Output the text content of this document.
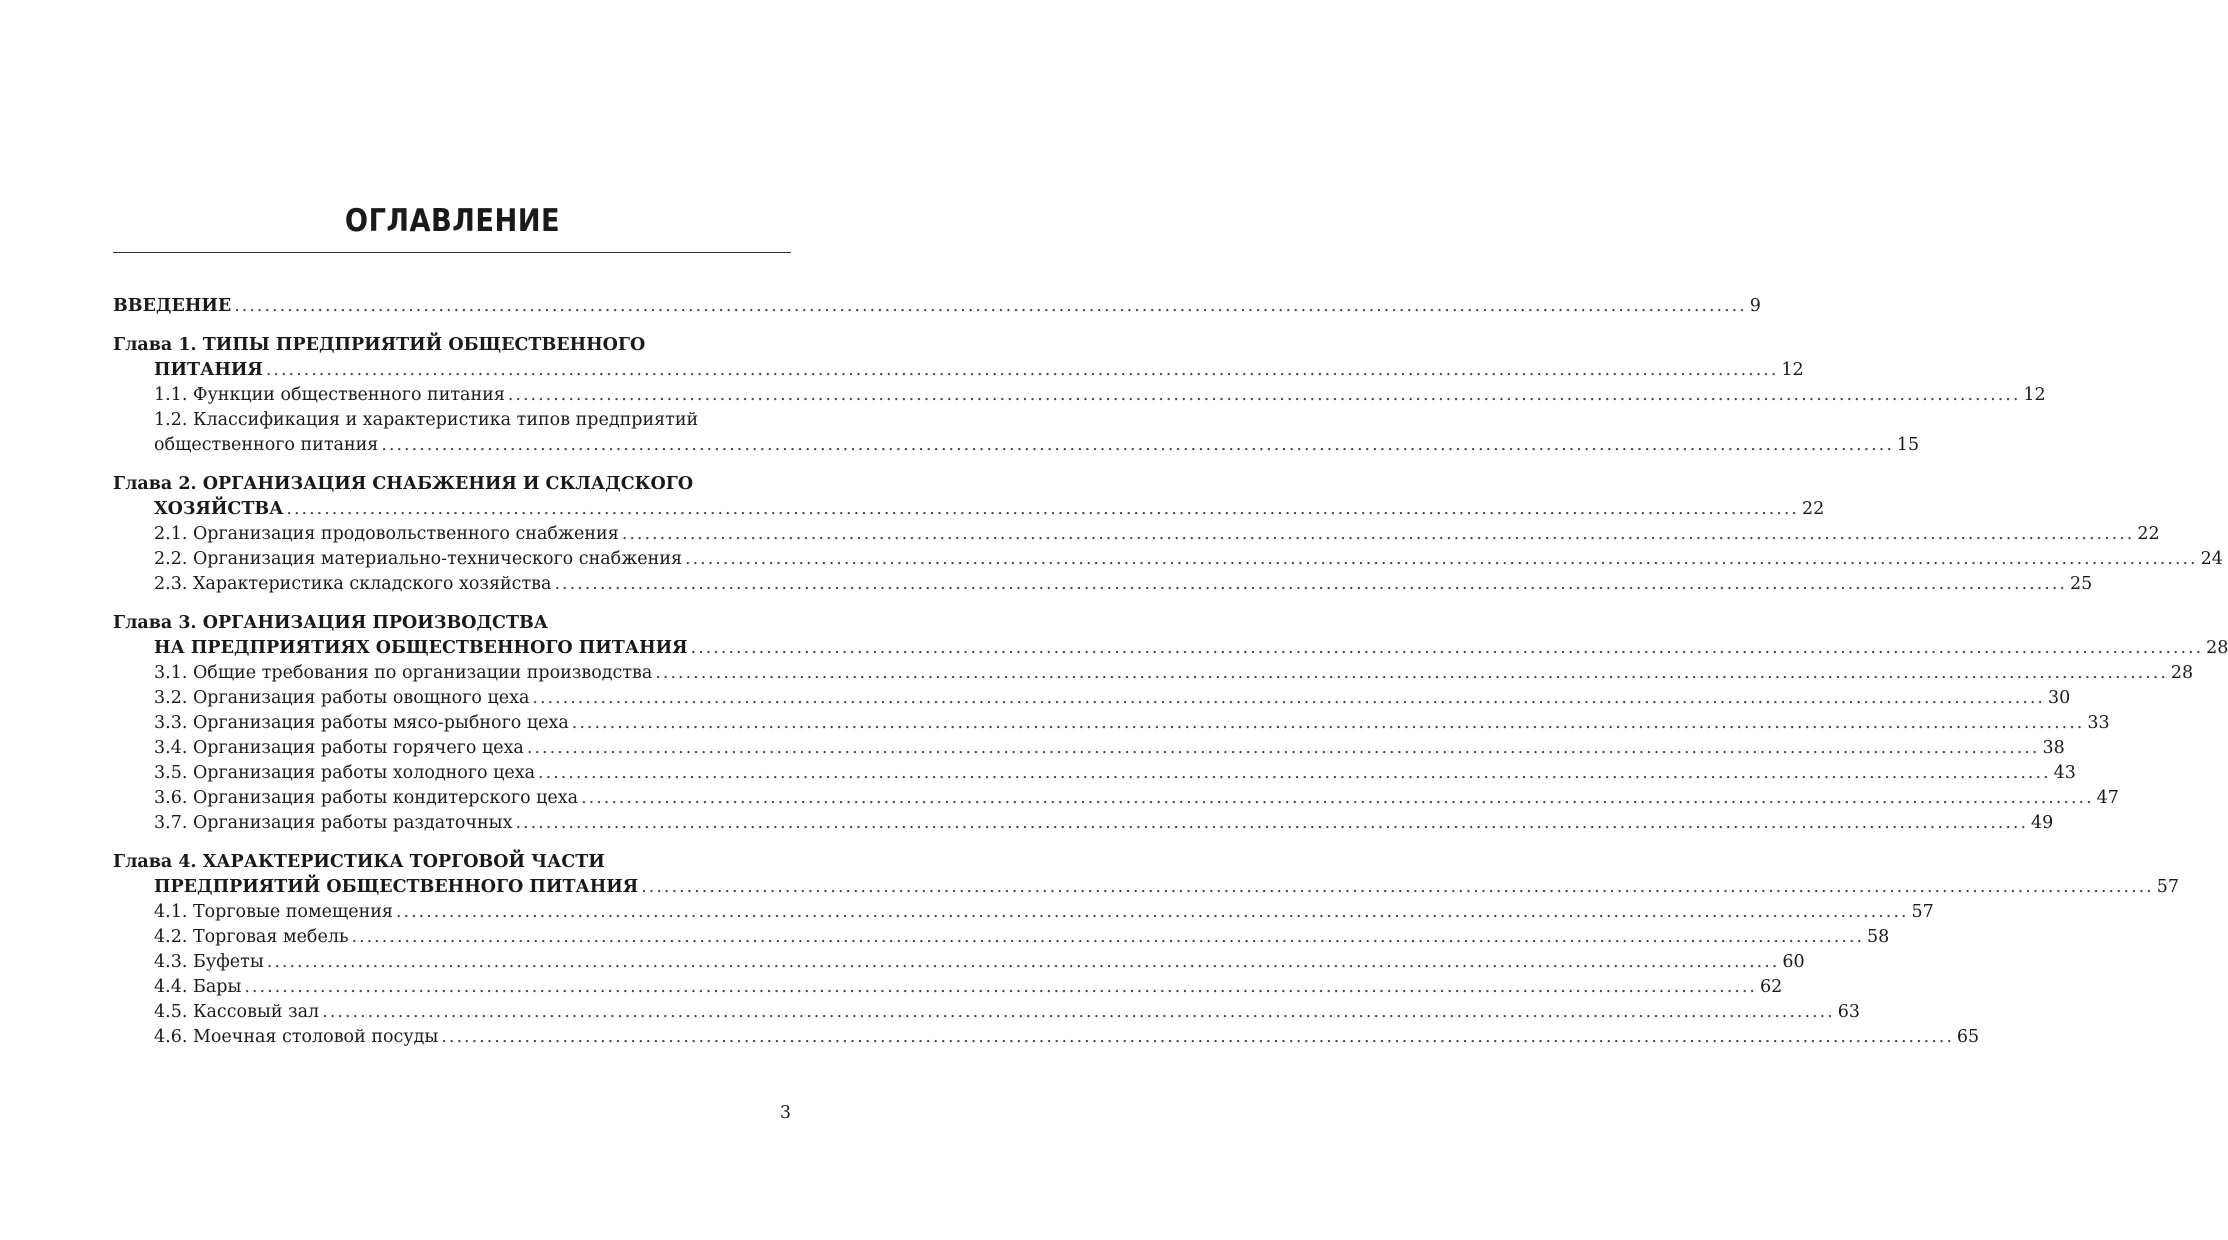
ОГЛАВЛЕНИЕ
ВВЕДЕНИЕ ........................................................................................................................................................................................................ 9
Глава 1. ТИПЫ ПРЕДПРИЯТИЙ ОБЩЕСТВЕННОГО
ПИТАНИЯ ........................................................................................................................................................................................................ 12
1.1. Функции общественного питания ........................................................................................................................................................................................................ 12
1.2. Классификация и характеристика типов предприятий
общественного питания ........................................................................................................................................................................................................ 15
Глава 2. ОРГАНИЗАЦИЯ СНАБЖЕНИЯ И СКЛАДСКОГО
ХОЗЯЙСТВА ........................................................................................................................................................................................................ 22
2.1. Организация продовольственного снабжения ........................................................................................................................................................................................................ 22
2.2. Организация материально-технического снабжения ........................................................................................................................................................................................................ 24
2.3. Характеристика складского хозяйства ........................................................................................................................................................................................................ 25
Глава 3. ОРГАНИЗАЦИЯ ПРОИЗВОДСТВА
НА ПРЕДПРИЯТИЯХ ОБЩЕСТВЕННОГО ПИТАНИЯ ........................................................................................................................................................................................................ 28
3.1. Общие требования по организации производства ........................................................................................................................................................................................................ 28
3.2. Организация работы овощного цеха ........................................................................................................................................................................................................ 30
3.3. Организация работы мясо-рыбного цеха ........................................................................................................................................................................................................ 33
3.4. Организация работы горячего цеха ........................................................................................................................................................................................................ 38
3.5. Организация работы холодного цеха ........................................................................................................................................................................................................ 43
3.6. Организация работы кондитерского цеха ........................................................................................................................................................................................................ 47
3.7. Организация работы раздаточных ........................................................................................................................................................................................................ 49
Глава 4. ХАРАКТЕРИСТИКА ТОРГОВОЙ ЧАСТИ
ПРЕДПРИЯТИЙ ОБЩЕСТВЕННОГО ПИТАНИЯ ........................................................................................................................................................................................................ 57
4.1. Торговые помещения ........................................................................................................................................................................................................ 57
4.2. Торговая мебель ........................................................................................................................................................................................................ 58
4.3. Буфеты ........................................................................................................................................................................................................ 60
4.4. Бары ........................................................................................................................................................................................................ 62
4.5. Кассовый зал ........................................................................................................................................................................................................ 63
4.6. Моечная столовой посуды ........................................................................................................................................................................................................ 65
3
